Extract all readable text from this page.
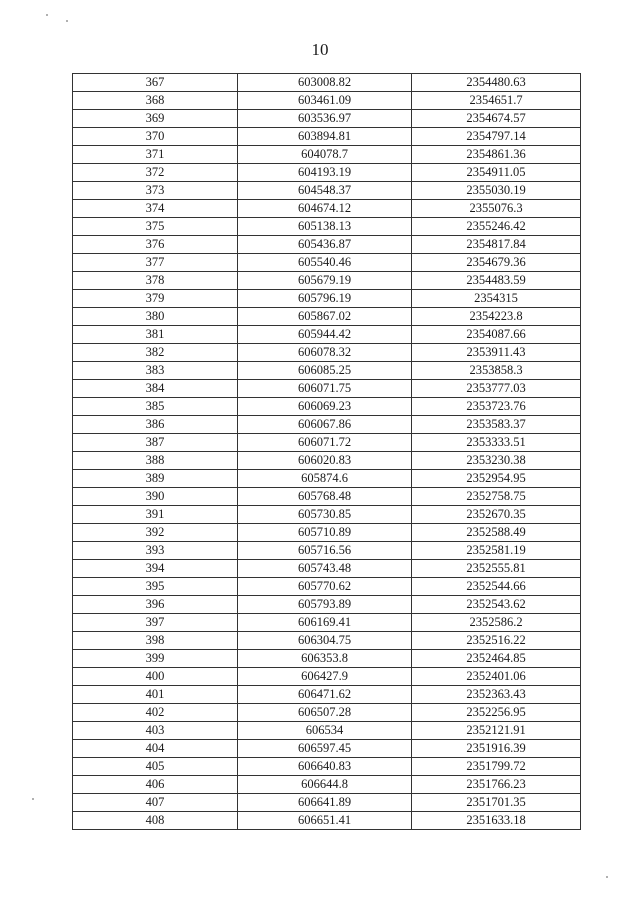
10
367	603008.82	2354480.63
368	603461.09	2354651.7
369	603536.97	2354674.57
370	603894.81	2354797.14
371	604078.7	2354861.36
372	604193.19	2354911.05
373	604548.37	2355030.19
374	604674.12	2355076.3
375	605138.13	2355246.42
376	605436.87	2354817.84
377	605540.46	2354679.36
378	605679.19	2354483.59
379	605796.19	2354315
380	605867.02	2354223.8
381	605944.42	2354087.66
382	606078.32	2353911.43
383	606085.25	2353858.3
384	606071.75	2353777.03
385	606069.23	2353723.76
386	606067.86	2353583.37
387	606071.72	2353333.51
388	606020.83	2353230.38
389	605874.6	2352954.95
390	605768.48	2352758.75
391	605730.85	2352670.35
392	605710.89	2352588.49
393	605716.56	2352581.19
394	605743.48	2352555.81
395	605770.62	2352544.66
396	605793.89	2352543.62
397	606169.41	2352586.2
398	606304.75	2352516.22
399	606353.8	2352464.85
400	606427.9	2352401.06
401	606471.62	2352363.43
402	606507.28	2352256.95
403	606534	2352121.91
404	606597.45	2351916.39
405	606640.83	2351799.72
406	606644.8	2351766.23
407	606641.89	2351701.35
408	606651.41	2351633.18
